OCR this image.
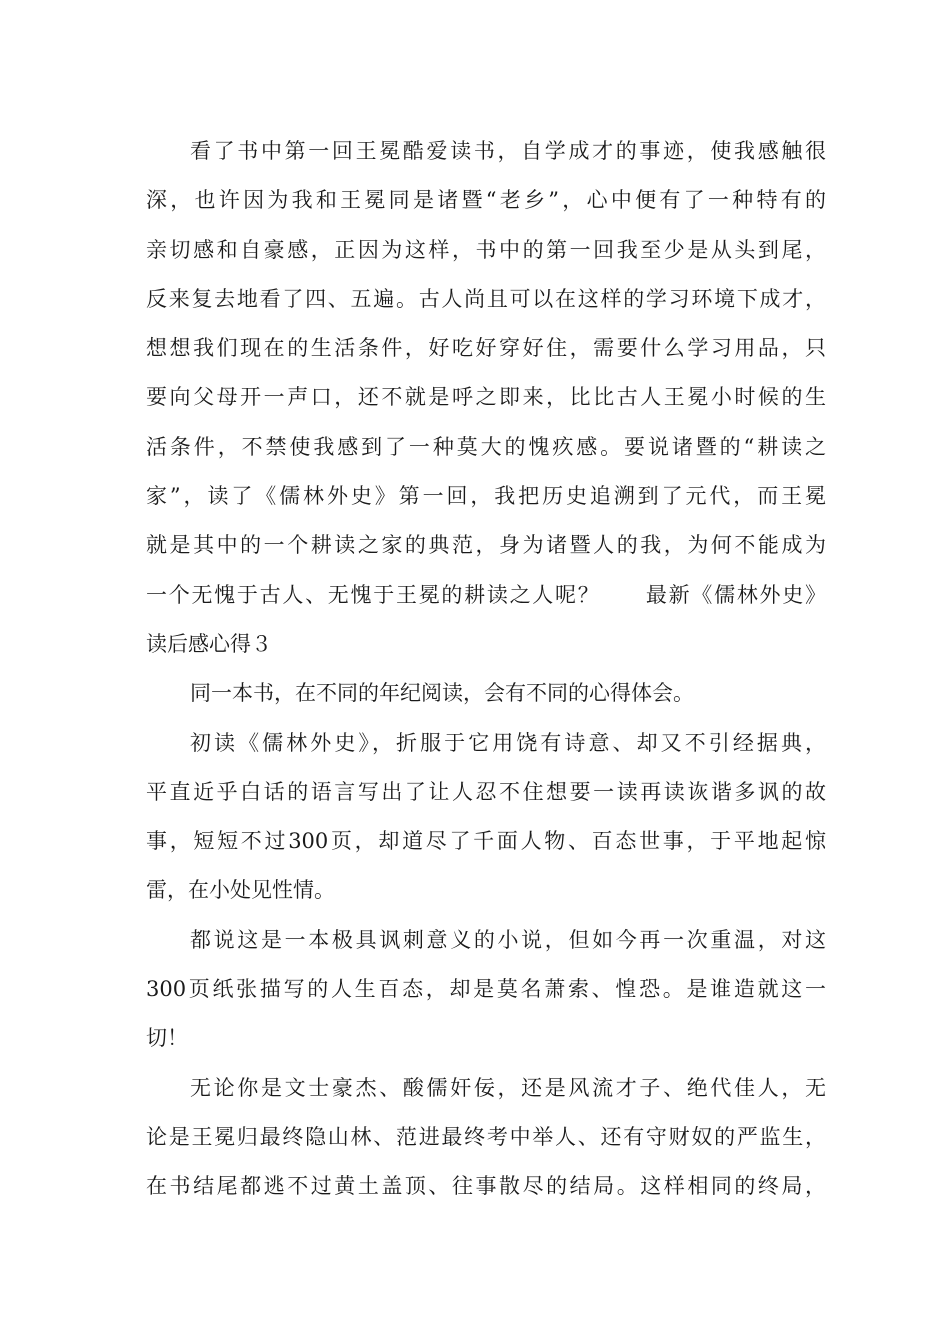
看了书中第一回王冕酷爱读书，自学成才的事迹，使我感触很
深，也许因为我和王冕同是诸暨“老乡”，心中便有了一种特有的
亲切感和自豪感，正因为这样，书中的第一回我至少是从头到尾，
反来复去地看了四、五遍。古人尚且可以在这样的学习环境下成才，
想想我们现在的生活条件，好吃好穿好住，需要什么学习用品，只
要向父母开一声口，还不就是呼之即来，比比古人王冕小时候的生
活条件，不禁使我感到了一种莫大的愧疚感。要说诸暨的“耕读之
家”，读了《儒林外史》第一回，我把历史追溯到了元代，而王冕
就是其中的一个耕读之家的典范，身为诸暨人的我，为何不能成为
一个无愧于古人、无愧于王冕的耕读之人呢？　　最新《儒林外史》
读后感心得３
同一本书，在不同的年纪阅读，会有不同的心得体会。
初读《儒林外史》，折服于它用饶有诗意、却又不引经据典，
平直近乎白话的语言写出了让人忍不住想要一读再读诙谐多讽的故
事，短短不过300页，却道尽了千面人物、百态世事，于平地起惊
雷，在小处见性情。
都说这是一本极具讽刺意义的小说，但如今再一次重温，对这
300页纸张描写的人生百态，却是莫名萧索、惶恐。是谁造就这一
切！
无论你是文士豪杰、酸儒奸佞，还是风流才子、绝代佳人，无
论是王冕归最终隐山林、范进最终考中举人、还有守财奴的严监生，
在书结尾都逃不过黄土盖顶、往事散尽的结局。这样相同的终局，
